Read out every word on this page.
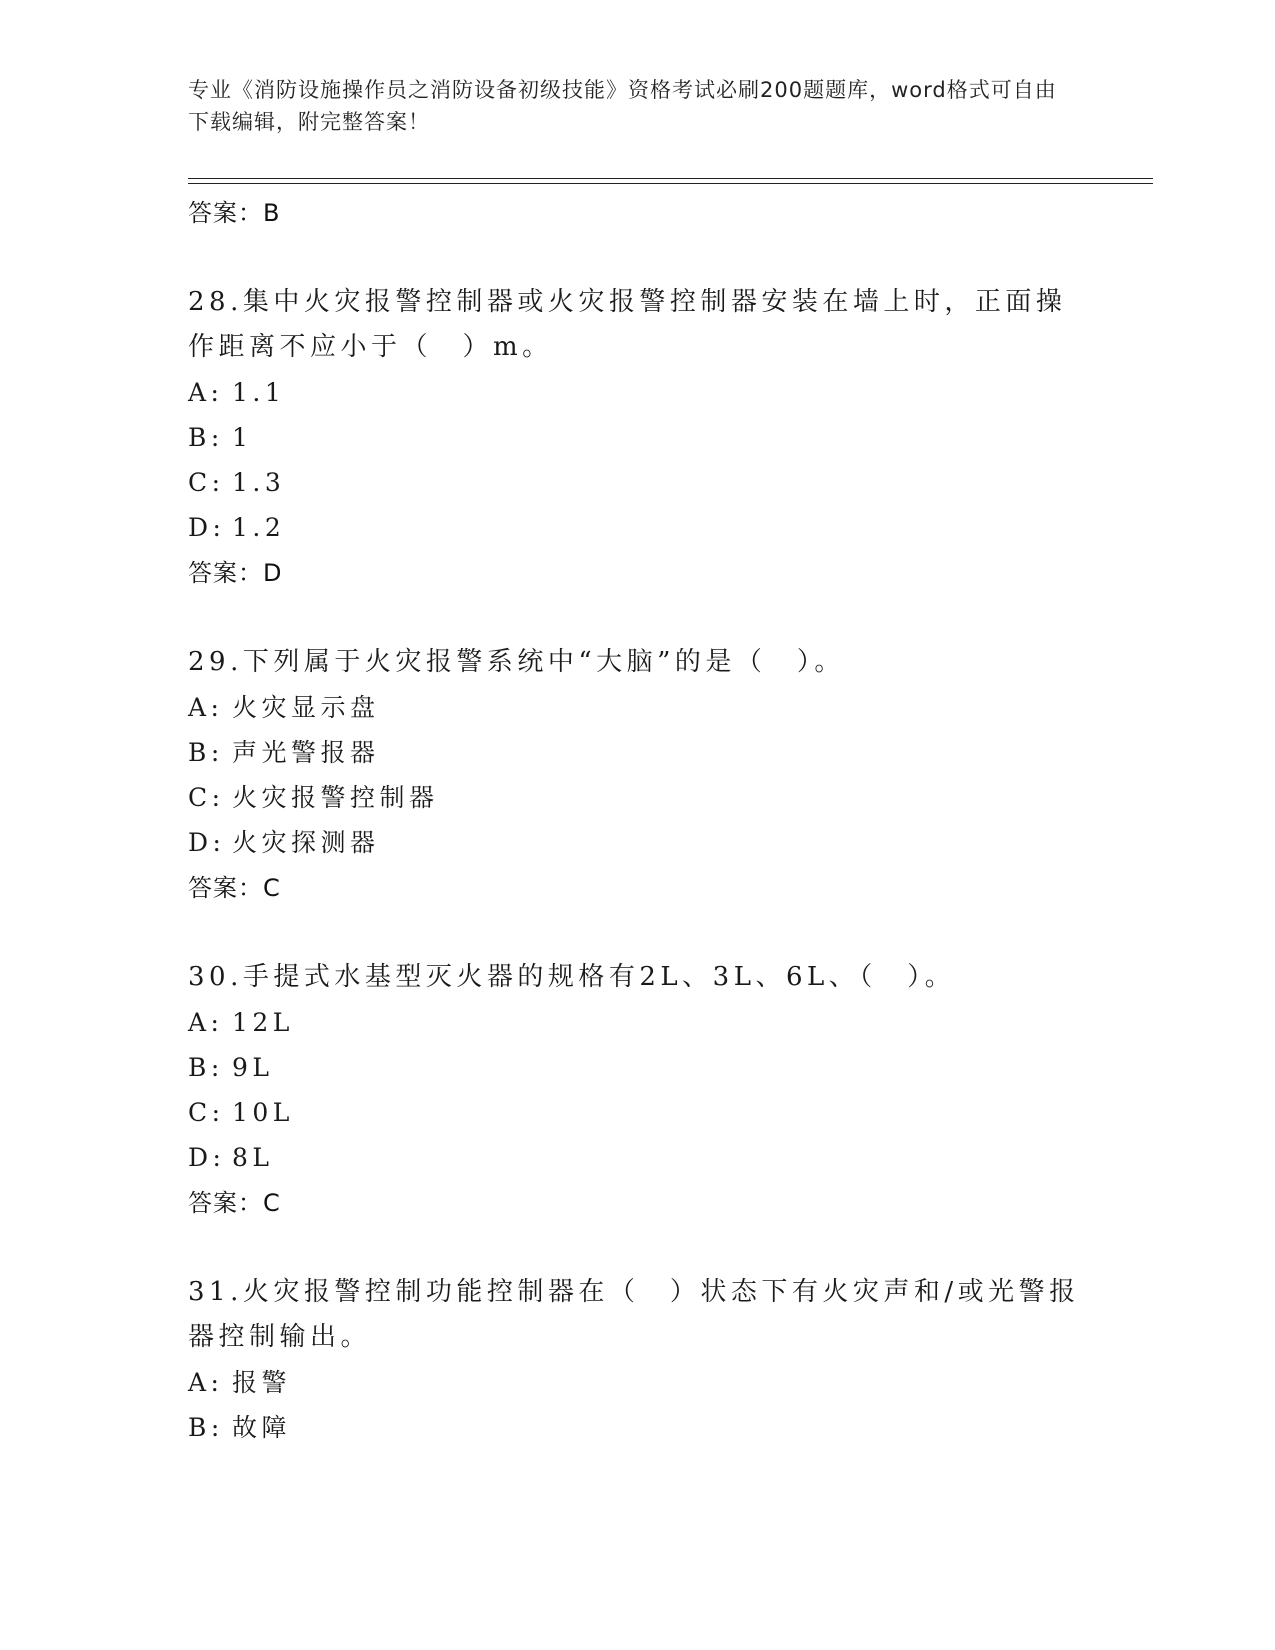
专业《消防设施操作员之消防设备初级技能》资格考试必刷200题题库，word格式可自由下载编辑，附完整答案！
答案：B
28.集中火灾报警控制器或火灾报警控制器安装在墙上时，正面操作距离不应小于（　）m。
A: 1.1
B: 1
C: 1.3
D: 1.2
答案：D
29.下列属于火灾报警系统中“大脑”的是（　）。
A: 火灾显示盘
B: 声光警报器
C: 火灾报警控制器
D: 火灾探测器
答案：C
30.手提式水基型灭火器的规格有2L、3L、6L、（　）。
A: 12L
B: 9L
C: 10L
D: 8L
答案：C
31.火灾报警控制功能控制器在（　）状态下有火灾声和/或光警报器控制输出。
A: 报警
B: 故障
